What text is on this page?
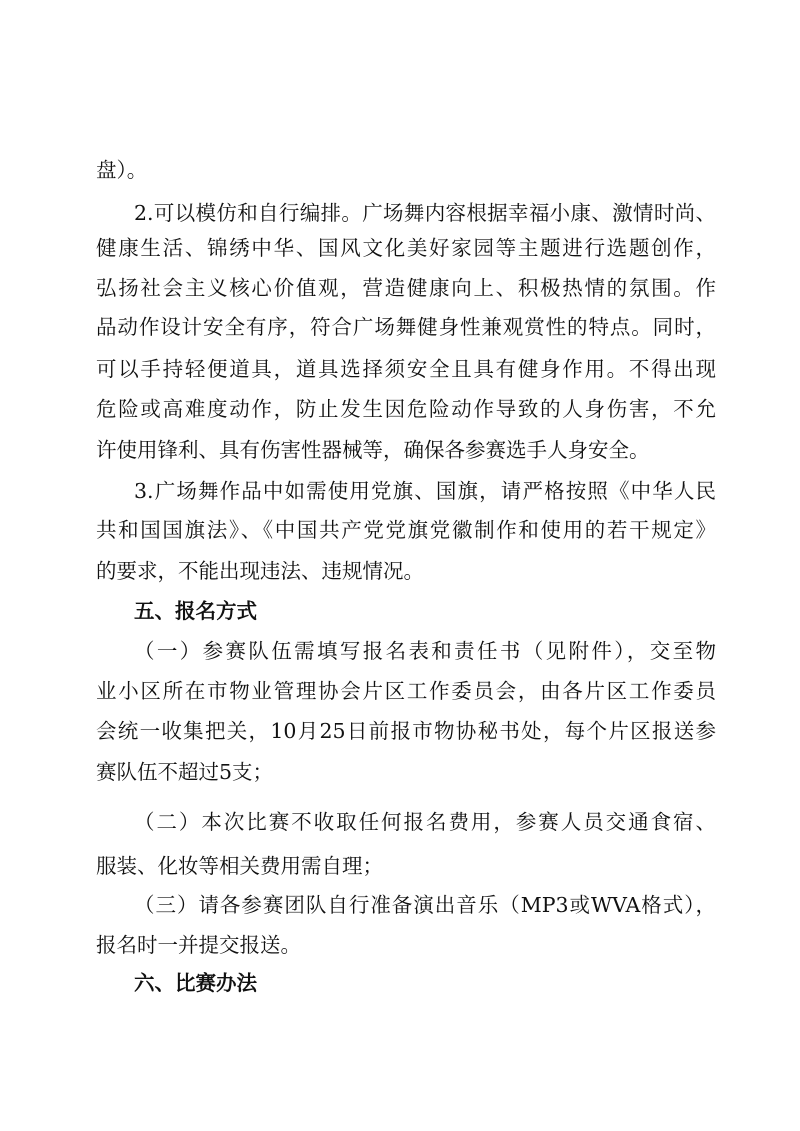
盘）。
2.可以模仿和自行编排。广场舞内容根据幸福小康、激情时尚、
健康生活、锦绣中华、国风文化美好家园等主题进行选题创作，
弘扬社会主义核心价值观，营造健康向上、积极热情的氛围。作
品动作设计安全有序，符合广场舞健身性兼观赏性的特点。同时，
可以手持轻便道具，道具选择须安全且具有健身作用。不得出现
危险或高难度动作，防止发生因危险动作导致的人身伤害，不允
许使用锋利、具有伤害性器械等，确保各参赛选手人身安全。
3.广场舞作品中如需使用党旗、国旗，请严格按照《中华人民
共和国国旗法》、《中国共产党党旗党徽制作和使用的若干规定》
的要求，不能出现违法、违规情况。
五、报名方式
（一）参赛队伍需填写报名表和责任书（见附件），交至物
业小区所在市物业管理协会片区工作委员会，由各片区工作委员
会统一收集把关，10月25日前报市物协秘书处，每个片区报送参
赛队伍不超过5支；
（二）本次比赛不收取任何报名费用，参赛人员交通食宿、
服装、化妆等相关费用需自理；
（三）请各参赛团队自行准备演出音乐（MP3或WVA格式），
报名时一并提交报送。
六、比赛办法
